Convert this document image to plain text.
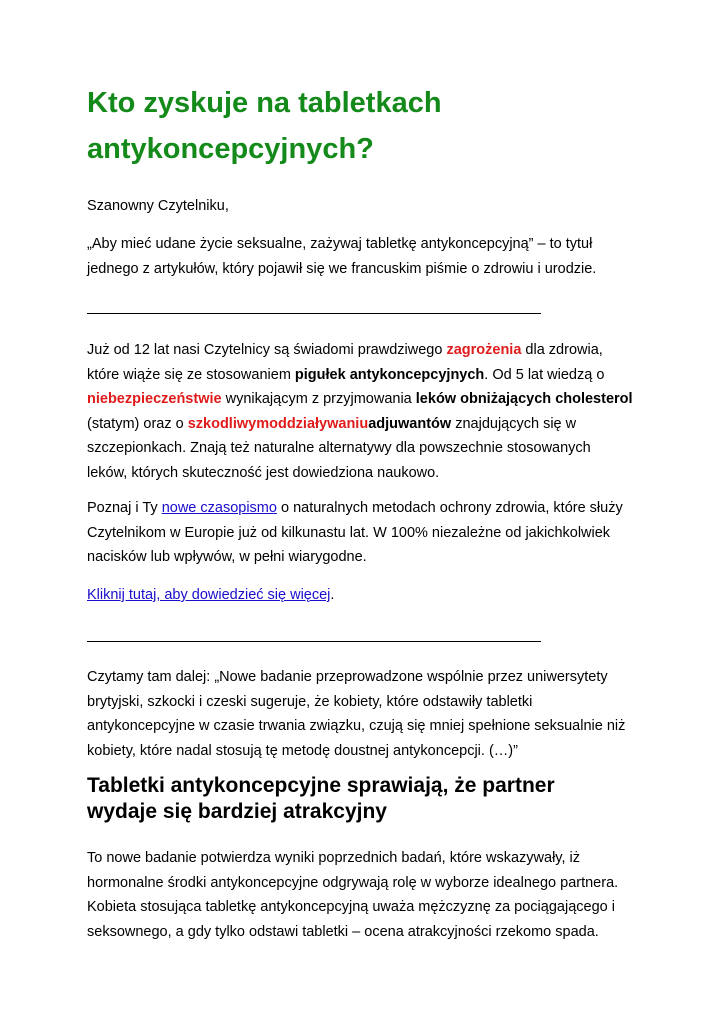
Kto zyskuje na tabletkach antykoncepcyjnych?

Szanowny Czytelniku,

„Aby mieć udane życie seksualne, zażywaj tabletkę antykoncepcyjną” – to tytuł jednego z artykułów, który pojawił się we francuskim piśmie o zdrowiu i urodzie.

Już od 12 lat nasi Czytelnicy są świadomi prawdziwego zagrożenia dla zdrowia, które wiąże się ze stosowaniem pigułek antykoncepcyjnych. Od 5 lat wiedzą o niebezpieczeństwie wynikającym z przyjmowania leków obniżających cholesterol (statym) oraz o szkodliwymoddziaływaniuadjuwantów znajdujących się w szczepionkach. Znają też naturalne alternatywy dla powszechnie stosowanych leków, których skuteczność jest dowiedziona naukowo.

Poznaj i Ty nowe czasopismo o naturalnych metodach ochrony zdrowia, które służy Czytelnikom w Europie już od kilkunastu lat. W 100% niezależne od jakichkolwiek nacisków lub wpływów, w pełni wiarygodne.

Kliknij tutaj, aby dowiedzieć się więcej.

Czytamy tam dalej: „Nowe badanie przeprowadzone wspólnie przez uniwersytety brytyjski, szkocki i czeski sugeruje, że kobiety, które odstawiły tabletki antykoncepcyjne w czasie trwania związku, czują się mniej spełnione seksualnie niż kobiety, które nadal stosują tę metodę doustnej antykoncepcji. (…)”

Tabletki antykoncepcyjne sprawiają, że partner wydaje się bardziej atrakcyjny

To nowe badanie potwierdza wyniki poprzednich badań, które wskazywały, iż hormonalne środki antykoncepcyjne odgrywają rolę w wyborze idealnego partnera. Kobieta stosująca tabletkę antykoncepcyjną uważa mężczyznę za pociągającego i seksownego, a gdy tylko odstawi tabletki – ocena atrakcyjności rzekomo spada.
